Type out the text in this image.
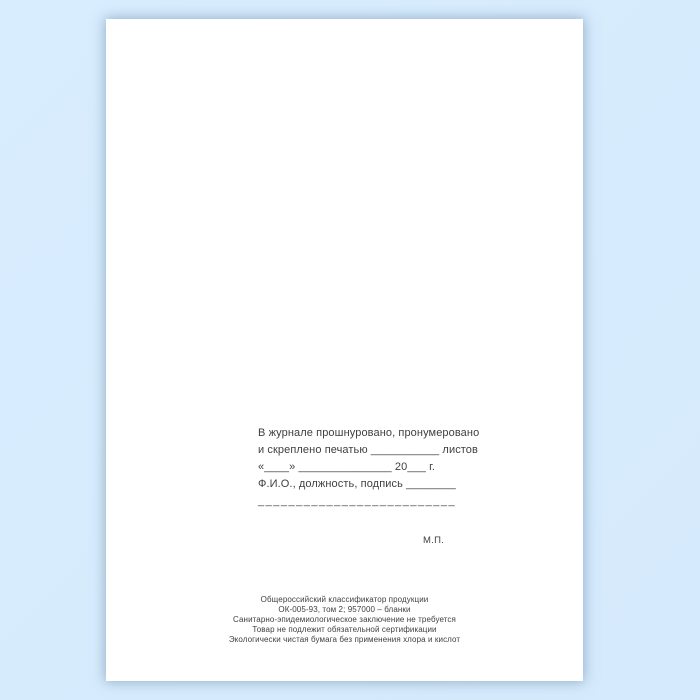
В журнале прошнуровано, пронумеровано
и скреплено печатью ___________ листов
«____» _______________ 20___ г.
Ф.И.О., должность, подпись ________
__________________________
М.П.
Общероссийский классификатор продукции
ОК-005-93, том 2; 957000 – бланки
Санитарно-эпидемиологическое заключение не требуется
Товар не подлежит обязательной сертификации
Экологически чистая бумага без применения хлора и кислот
